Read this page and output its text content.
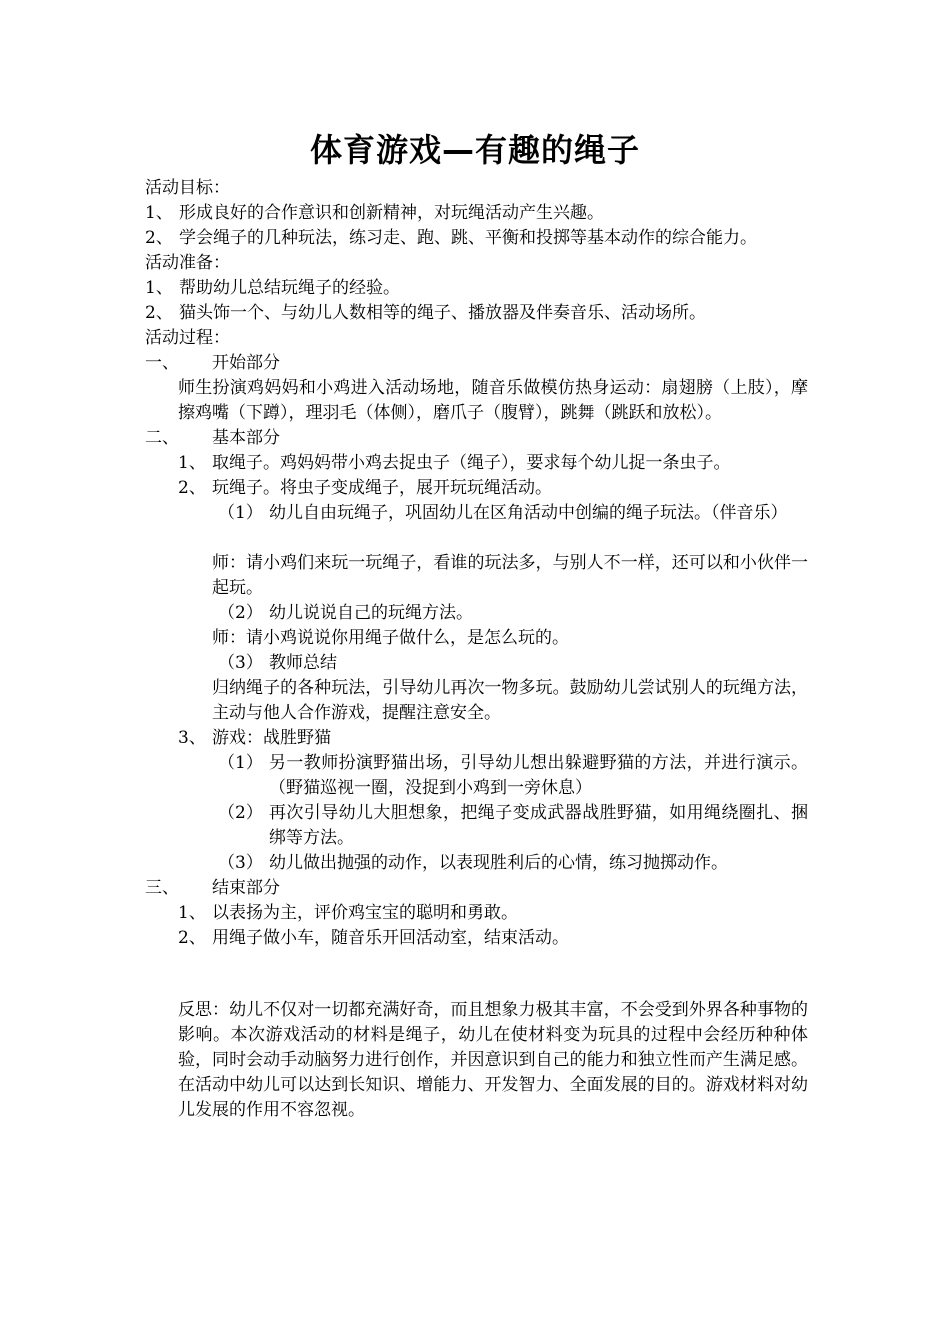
体育游戏—有趣的绳子
活动目标：
1、 形成良好的合作意识和创新精神，对玩绳活动产生兴趣。
2、 学会绳子的几种玩法，练习走、跑、跳、平衡和投掷等基本动作的综合能力。
活动准备：
1、 帮助幼儿总结玩绳子的经验。
2、 猫头饰一个、与幼儿人数相等的绳子、播放器及伴奏音乐、活动场所。
活动过程：
一、 开始部分
师生扮演鸡妈妈和小鸡进入活动场地，随音乐做模仿热身运动：扇翅膀（上肢），摩擦鸡嘴（下蹲），理羽毛（体侧），磨爪子（腹臂），跳舞（跳跃和放松）。
二、 基本部分
1、 取绳子。鸡妈妈带小鸡去捉虫子（绳子），要求每个幼儿捉一条虫子。
2、 玩绳子。将虫子变成绳子，展开玩玩绳活动。
（1） 幼儿自由玩绳子，巩固幼儿在区角活动中创编的绳子玩法。（伴音乐）
师：请小鸡们来玩一玩绳子，看谁的玩法多，与别人不一样，还可以和小伙伴一起玩。
（2） 幼儿说说自己的玩绳方法。
师：请小鸡说说你用绳子做什么，是怎么玩的。
（3） 教师总结
归纳绳子的各种玩法，引导幼儿再次一物多玩。鼓励幼儿尝试别人的玩绳方法，主动与他人合作游戏，提醒注意安全。
3、 游戏：战胜野猫
（1） 另一教师扮演野猫出场，引导幼儿想出躲避野猫的方法，并进行演示。（野猫巡视一圈，没捉到小鸡到一旁休息）
（2） 再次引导幼儿大胆想象，把绳子变成武器战胜野猫，如用绳绕圈扎、捆绑等方法。
（3） 幼儿做出抛强的动作，以表现胜利后的心情，练习抛掷动作。
三、 结束部分
1、 以表扬为主，评价鸡宝宝的聪明和勇敢。
2、 用绳子做小车，随音乐开回活动室，结束活动。
反思：幼儿不仅对一切都充满好奇，而且想象力极其丰富，不会受到外界各种事物的影响。本次游戏活动的材料是绳子，幼儿在使材料变为玩具的过程中会经历种种体验，同时会动手动脑努力进行创作，并因意识到自己的能力和独立性而产生满足感。在活动中幼儿可以达到长知识、增能力、开发智力、全面发展的目的。游戏材料对幼儿发展的作用不容忽视。
